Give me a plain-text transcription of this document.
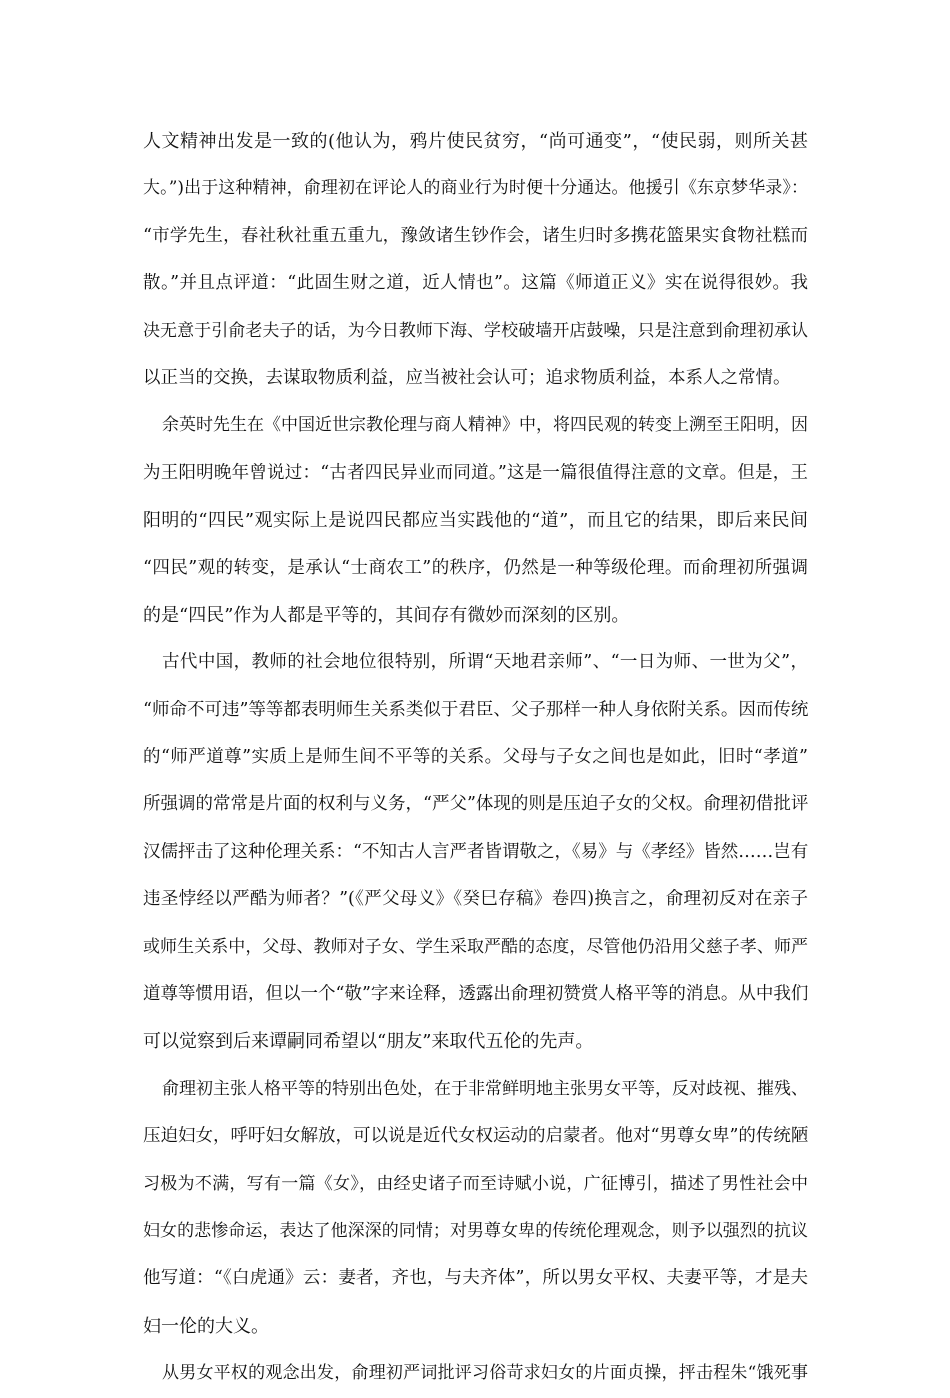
人文精神出发是一致的(他认为，鸦片使民贫穷，“尚可通变”，“使民弱，则所关甚
大。”)出于这种精神，俞理初在评论人的商业行为时便十分通达。他援引《东京梦华录》：
“市学先生，春社秋社重五重九，豫敛诸生钞作会，诸生归时多携花篮果实食物社糕而
散。”并且点评道：“此固生财之道，近人情也”。这篇《师道正义》实在说得很妙。我
决无意于引俞老夫子的话，为今日教师下海、学校破墙开店鼓噪，只是注意到俞理初承认
以正当的交换，去谋取物质利益，应当被社会认可；追求物质利益，本系人之常情。
余英时先生在《中国近世宗教伦理与商人精神》中，将四民观的转变上溯至王阳明，因
为王阳明晚年曾说过：“古者四民异业而同道。”这是一篇很值得注意的文章。但是，王
阳明的“四民”观实际上是说四民都应当实践他的“道”，而且它的结果，即后来民间
“四民”观的转变，是承认“士商农工”的秩序，仍然是一种等级伦理。而俞理初所强调
的是“四民”作为人都是平等的，其间存有微妙而深刻的区别。
古代中国，教师的社会地位很特别，所谓“天地君亲师”、“一日为师、一世为父”，
“师命不可违”等等都表明师生关系类似于君臣、父子那样一种人身依附关系。因而传统
的“师严道尊”实质上是师生间不平等的关系。父母与子女之间也是如此，旧时“孝道”
所强调的常常是片面的权利与义务，“严父”体现的则是压迫子女的父权。俞理初借批评
汉儒抨击了这种伦理关系：“不知古人言严者皆谓敬之，《易》与《孝经》皆然……岂有
违圣悖经以严酷为师者？”(《严父母义》《癸巳存稿》卷四)换言之，俞理初反对在亲子
或师生关系中，父母、教师对子女、学生采取严酷的态度，尽管他仍沿用父慈子孝、师严
道尊等惯用语，但以一个“敬”字来诠释，透露出俞理初赞赏人格平等的消息。从中我们
可以觉察到后来谭嗣同希望以“朋友”来取代五伦的先声。
俞理初主张人格平等的特别出色处，在于非常鲜明地主张男女平等，反对歧视、摧残、
压迫妇女，呼吁妇女解放，可以说是近代女权运动的启蒙者。他对“男尊女卑”的传统陋
习极为不满，写有一篇《女》，由经史诸子而至诗赋小说，广征博引，描述了男性社会中
妇女的悲惨命运，表达了他深深的同情；对男尊女卑的传统伦理观念，则予以强烈的抗议
他写道：“《白虎通》云：妻者，齐也，与夫齐体”，所以男女平权、夫妻平等，才是夫
妇一伦的大义。
从男女平权的观念出发，俞理初严词批评习俗苛求妇女的片面贞操，抨击程朱“饿死事
